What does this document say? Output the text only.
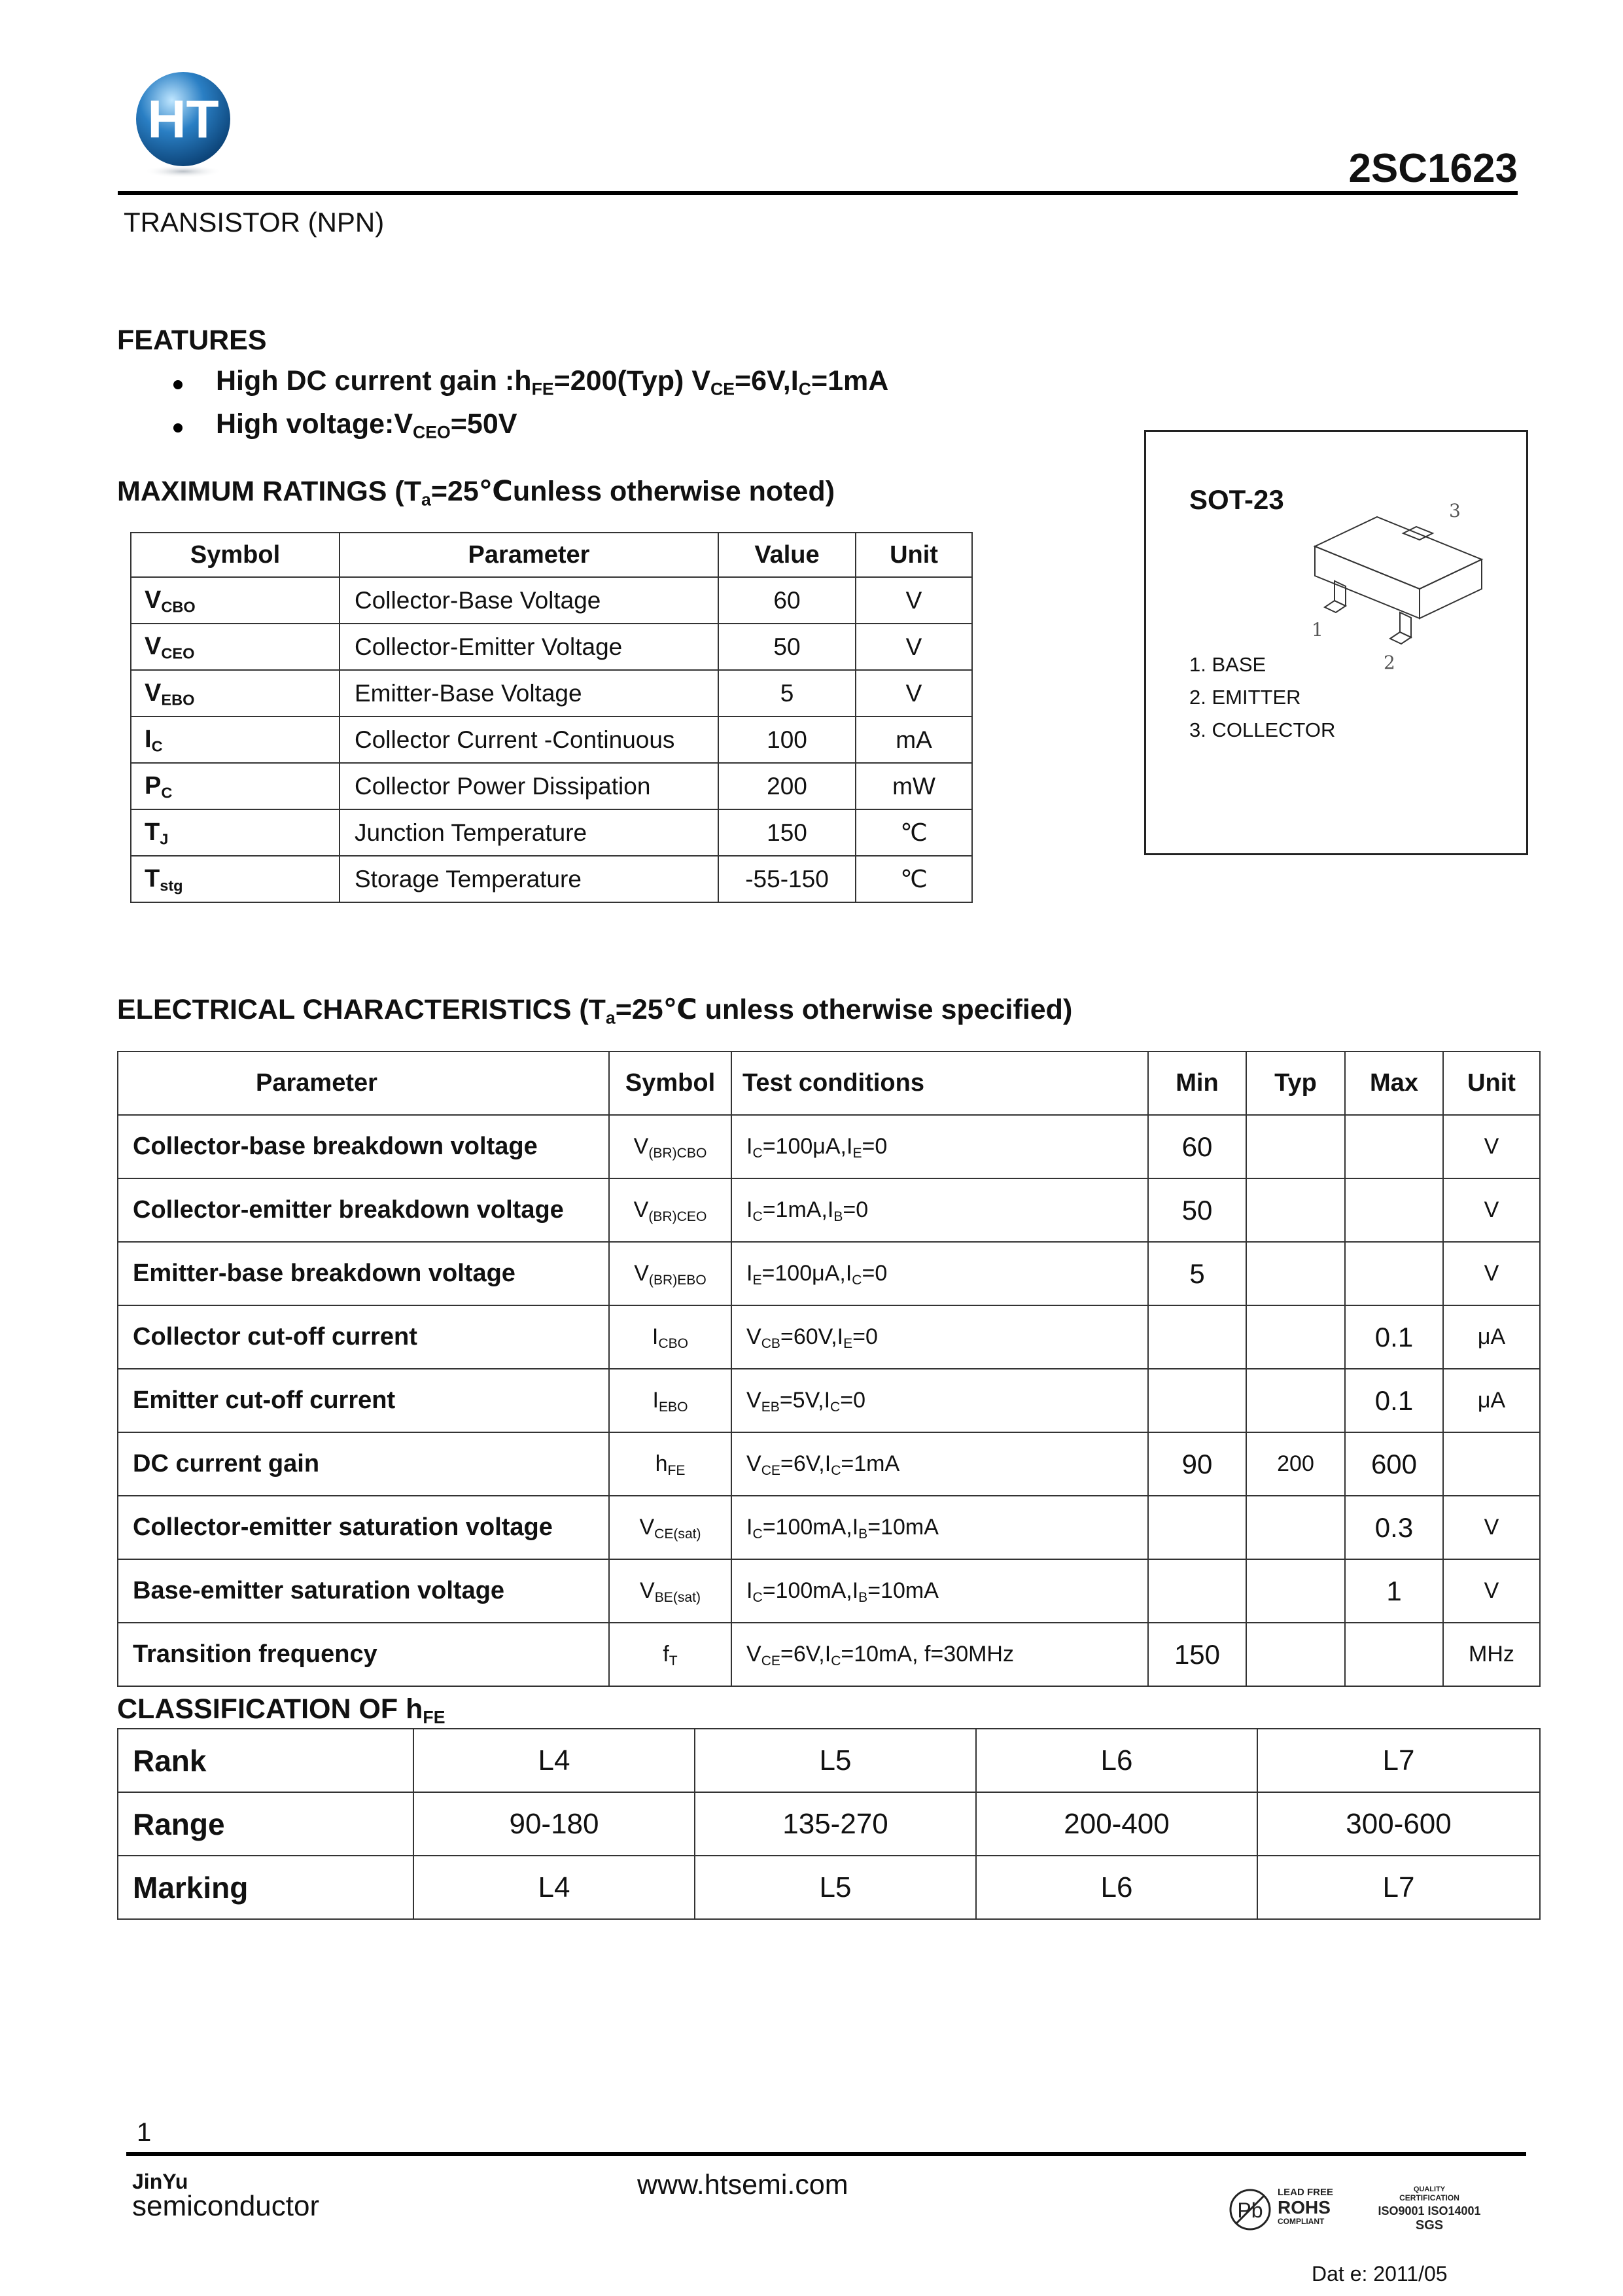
HT
2SC1623
TRANSISTOR (NPN)
FEATURES
High DC current gain $:h_{FE}=200(Typ)$ $V_{CE}=6V,I_C=1mA$
High $voltage:V_{CEO}=50V$
MAXIMUM RATINGS ($T_a=25℃unless$ otherwise noted)
Symbol	Parameter	Value	Unit
$V_{CBO}$	Collector-Base Voltage	60	V
$V_{CEO}$	Collector-Emitter Voltage	50	V
$V_{EBO}$	Emitter-Base Voltage	5	V
$I_C$	Collector Current -Continuous	100	mA
$P_C$	Collector Power Dissipation	200	mW
$T_J$	Junction Temperature	150	℃
$T_{stg}$	Storage Temperature	-55-150	℃
SOT-23	3
1
2
1. BASE
2. EMITTER
3. COLLECTOR
ELECTRICAL CHARACTERISTICS ($T_a=25℃$ unless otherwise specified)
Parameter	Symbol	Test conditions	Min	Typ	Max	Unit
Collector-base breakdown voltage	$V_{(BR)CBO}$	$I_C=100\mu A,I_E=0$	60			V
Collector-emitter breakdown voltage	$V_{(BR)CEO}$	$I_C=1mA,I_B=0$	50			V
Emitter-base breakdown voltage	$V_{(BR)EBO}$	$I_E=100\mu A,I_C=0$	5			V
Collector cut-off current	$I_{CBO}$	$V_{CB}=60V,I_E=0$			0.1	μA
Emitter cut-off current	$I_{EBO}$	$V_{EB}=5V,I_C=0$			0.1	μA
DC current gain	$h_{FE}$	$V_{CE}=6V,I_C=1mA$	90	200	600	
Collector-emitter saturation voltage	$V_{CE(sat)}$	$I_C=100mA,I_B=10mA$			0.3	V
Base-emitter saturation voltage	$V_{BE(sat)}$	$I_C=100mA,I_B=10mA$			1	V
Transition frequency	$f_T$	$V_{CE}=6V,I_C=10mA$, f=30MHz	150			MHz
CLASSIFICATION OF $h_{FE}$
Rank	L4	L5	L6	L7
Range	90-180	135-270	200-400	300-600
Marking	L4	L5	L6	L7
1
JinYu
semiconductor
www.htsemi.com
Pb
LEAD FREE
ROHS
COMPLIANT
QUALITY
CERTIFICATION
ISO9001 ISO14001
SGS
Dat e: 2011/05
